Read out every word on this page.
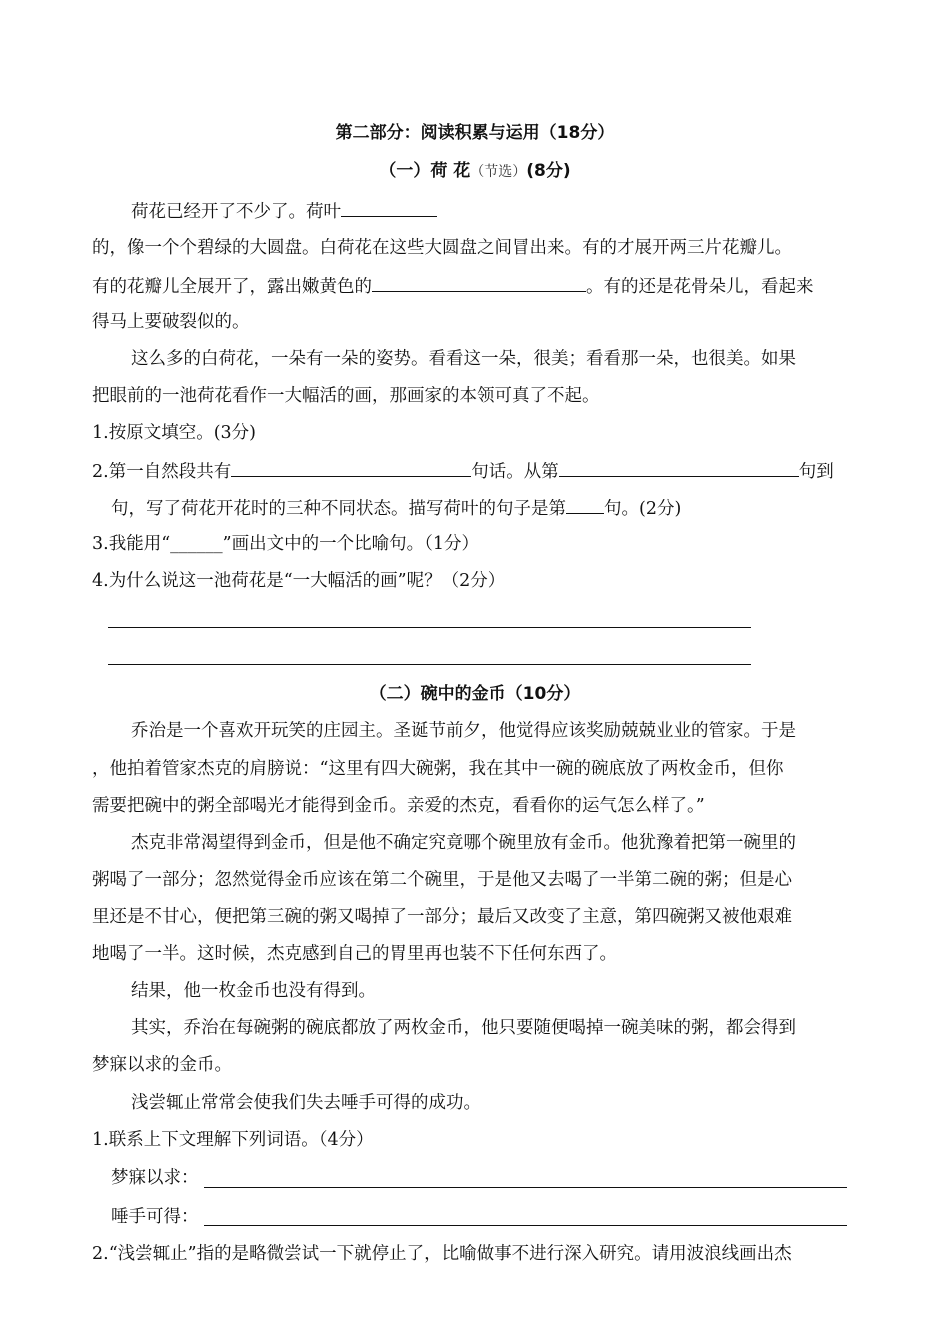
第二部分：阅读积累与运用（18分）
（一）荷 花（节选）(8分)
荷花已经开了不少了。荷叶
的，像一个个碧绿的大圆盘。白荷花在这些大圆盘之间冒出来。有的才展开两三片花瓣儿。
有的花瓣儿全展开了，露出嫩黄色的	。有的还是花骨朵儿，看起来
得马上要破裂似的。
这么多的白荷花，一朵有一朵的姿势。看看这一朵，很美；看看那一朵，也很美。如果
把眼前的一池荷花看作一大幅活的画，那画家的本领可真了不起。
1.按原文填空。(3分)
2.第一自然段共有	句话。从第	句到
句，写了荷花开花时的三种不同状态。描写荷叶的句子是第 句。(2分)
3.我能用“______”画出文中的一个比喻句。（1分）
4.为什么说这一池荷花是“一大幅活的画”呢？（2分）
（二）碗中的金币（10分）
乔治是一个喜欢开玩笑的庄园主。圣诞节前夕，他觉得应该奖励兢兢业业的管家。于是
，他拍着管家杰克的肩膀说：“这里有四大碗粥，我在其中一碗的碗底放了两枚金币，但你
需要把碗中的粥全部喝光才能得到金币。亲爱的杰克，看看你的运气怎么样了。”
杰克非常渴望得到金币，但是他不确定究竟哪个碗里放有金币。他犹豫着把第一碗里的
粥喝了一部分；忽然觉得金币应该在第二个碗里，于是他又去喝了一半第二碗的粥；但是心
里还是不甘心，便把第三碗的粥又喝掉了一部分；最后又改变了主意，第四碗粥又被他艰难
地喝了一半。这时候，杰克感到自己的胃里再也装不下任何东西了。
结果，他一枚金币也没有得到。
其实，乔治在每碗粥的碗底都放了两枚金币，他只要随便喝掉一碗美味的粥，都会得到
梦寐以求的金币。
浅尝辄止常常会使我们失去唾手可得的成功。
1.联系上下文理解下列词语。（4分）
梦寐以求：
唾手可得：
2.“浅尝辄止”指的是略微尝试一下就停止了，比喻做事不进行深入研究。请用波浪线画出杰
